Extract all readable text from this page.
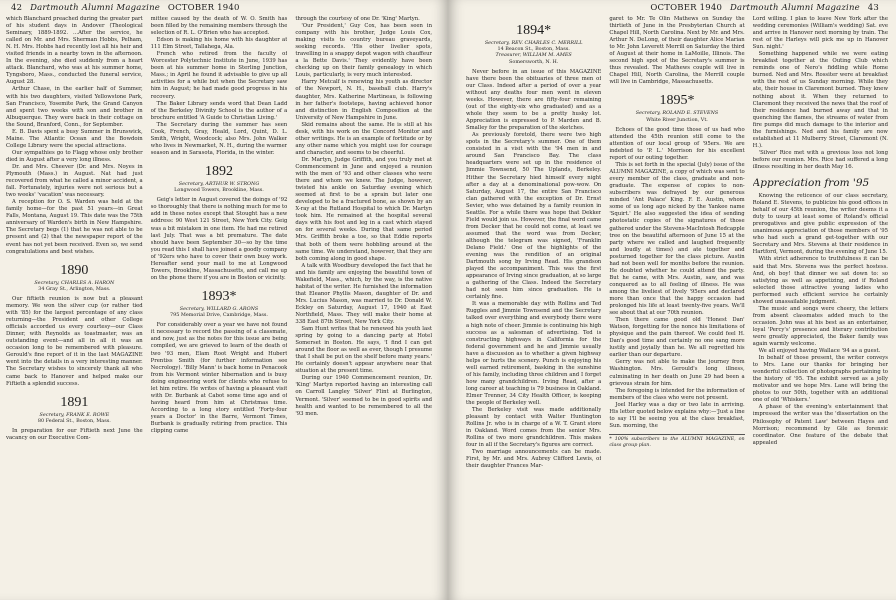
42 Dartmouth Alumni Magazine OCTOBER 1940

which Blanchard preached during the greater part of his student days in Andover (Theological Seminary, 1889-1892. ...After the service, he called on Mr. and Mrs. Sherman Hobbs, Pelham, N. H. Mrs. Hobbs had recently lost all his heir and visited friends in a nearby town in the afternoon. In the evening, she died suddenly from a heart attack. Blanchard, who was at his summer home, Tyngsboro, Mass., conducted the funeral service, August 28.

Arthur Chase, in the earlier half of Summer, with his two daughters, visited Yellowstone Park, San Francisco, Yosemite Park, the Grand Canyon and spent two weeks with son and brother in Albuquerque. They were back in their cottage on the Sound, Branford, Conn., for September.

E. B. Davis spent a busy Summer in Brunswick, Maine. The Atlantic Ocean and the Bowdoin College Library were the special attractions.

Our sympathies go to Flagg whose only brother died in August after a very long illness.

Dr. and Mrs. Cheever (Dr. and Mrs. Noyes in Plymouth (Mass.) in August. Nat had just recovered from what he called a minor accident, a fall. Fortunately, injuries were not serious but a two weeks' 'vacation' was necessary.

A reception for O. S. Warden was held at the family home—for the past 51 years—in Great Falls, Montana, August 19. This date was the 75th anniversary of Warden's birth in New Hampshire. The Secretary begs (1) that he was not able to be present and (2) that the newspaper report of the event has not yet been received. Even so, we send congratulations and best wishes.

1890
Secretary, CHARLES A. HARON
34 Gray St., Arlington, Mass.

Our fiftieth reunion is now but a pleasant memory. We won the silver cup (or rather tied with '85) for the largest percentage of any class returning—the President and other College officials accorded us every courtesy—our Class Dinner, with Reynolds as toastmaster, was an outstanding event—and all in all it was an occasion long to be remembered with pleasure. Gerould's fine report of it in the last MAGAZINE went into the details in a very interesting manner. The Secretary wishes to sincerely thank all who came back to Hanover and helped make our Fiftieth a splendid success.

1891
Secretary, FRANK E. ROWE
80 Federal St., Boston, Mass.

In preparation for our Fiftieth next June the vacancy on our Executive Com-

mittee caused by the death of W. O. Smith has been filled by the remaining members through the selection of R. L. O'Brien who has accepted.

Edson is making his home with his daughter at 111 Elm Street, Tallahega, Ala.

French who retired from the faculty of Worcester Polytechnic Institute in June, 1939 has been at his summer home in Sterling Junction, Mass.; in April he found it advisable to give up all activities for a while but when the Secretary saw him in August; he had made good progress in his recovery.

The Baker Library sends word that Dean Ladd of the Berkeley Divinity School is the author of a brochure entitled 'A Guide to Christian Living.'

The Secretary during the summer has seen Cook, French, Gray, Heald, Lord, Quint, D. L. Smith, Wright, Woodcock; also Mrs. John Walker who lives in Newmarket, N. H., during the warmer season and in Sarasota, Florida, in the winter.

1892
Secretary, ARTHUR W. STRONG
Longwood Towers, Brookline, Mass.

Geig's letter in August covered the doings of '92 so thoroughly that there is nothing much for me to add in these notes except that Stought has a new address: 90 West 121 Street, New York City. Geig was a bit mistaken in one item. He had me retired last July. That was a bit premature. The date should have been September 30—so by the time you read this I shall have joined a goodly company of '92ers who have to cover their own busy work. Hereafter send your mail to me at Longwood Towers, Brookline, Massachusetts, and call me up on the phone there if you are in Boston or vicinity.

1893*
Secretary, WILLARD G. ARONS
795 Memorial Drive, Cambridge, Mass.

For considerably over a year we have not found it necessary to record the passing of a classmate, and now, just as the notes for this issue are being compiled, we are grieved to learn of the death of two '93 men, Elam Root Wright and Hubert Prentiss Smith (for further information see Necrology). 'Billy Mann' is back home in Penacook from his Vermont winter hibernation and is busy doing engineering work for clients who refuse to let him retire. He writes of having a pleasant visit with Dr. Burbank at Cabot some time ago and of having heard from him at Christmas time. According to a long story entitled 'Forty-four years a Doctor' in the Barre, Vermont Times, Burbank is gradually retiring from practice. This clipping came

through the courtesy of one Dr. 'King' Martyn.

'Our President,' Guy Cox, has been seen in company with his brother, Judge Louis Cox, making visits to country bureau graveyards, seeking records. 'His other livelier spots, travelling in a snappy depot wagon with chauffeur a la Bette Davis.' They evidently have been checking up on their family genealogy in which Louis, particularly, is very much interested.

Harry Metcalf is renewing his youth as director of the Newport, N. H., baseball club. Harry's daughter, Mrs. Katherine Martineau, is following in her father's footsteps, having achieved honor and distinction in English Composition at the University of New Hampshire in June.

Skid remains about the same. He is still at his desk, with his work on the Concord Monitor and other writings. He is an example of fortitude or by any other name which you might use for courage and character, and seems to be cheerful.

Dr. Martyn, Judge Griffith, and you truly met at Commencement in June and enjoyed a reunion with the men of '93 and other classes who were there and whom we knew. The Judge, however, twisted his ankle on Saturday evening which seemed at first to be a sprain but later one developed to be a fractured bone, as shown by an X-ray at the Rutland Hospital to which Dr. Martyn took him. He remained at the hospital several days with his foot and leg in a cast which stayed on for several weeks. During that same period Mrs. Griffith broke a toe, so that Eddie reports that both of them were hobbling around at the same time. We understand, however, that they are both coming along in good shape.

A talk with Woodbury developed the fact that he and his family are enjoying the beautiful town of Wakefield, Mass., which, by the way, is the native habitat of the writer. He furnished the information that Eleanor Phyllis Mason, daughter of Dr. and Mrs. Lucius Mason, was married to Dr. Donald W. Eckley on Saturday, August 17, 1940 at East Northfield, Mass. They will make their home at 338 East 87th Street, New York City.

Sam Hunt writes that he renewed his youth last spring by going to a dancing party at Hotel Somerset in Boston. He says, 'I find I can get around the floor as well as ever, though I presume that I shall be put on the shelf before many years.' He certainly doesn't appear anywhere near that situation at the present time.

During our 1940 Commencement reunion, Dr. 'King' Martyn reported having an interesting call on Carroll Langley 'Silver' Flint at Burlington, Vermont. 'Silver' seemed to be in good spirits and health and wanted to be remembered to all the '93 men.

OCTOBER 1940 Dartmouth Alumni Magazine 43
1894*
Secretary, REV. CHARLES C. MERRILL
14 Beacon St., Boston, Mass.
Treasurer, WILLIAM M. AMES
Somersworth, N. H.

Never before in an issue of this MAGAZINE have there been the obituaries of three men of our Class. Indeed after a period of over a year without any deaths four men went in eleven weeks. However, there are fifty-four remaining (out of the eighty-six who graduated) and as a whole they seem to be a pretty husky lot. Appreciation is expressed to P. Marden and B. Smalley for the preparation of the sketches.

As previously foretold, there were two high spots in the Secretary's summer. One of them consisted in a visit with the '94 men in and around San Francisco Bay. The class headquarters were set up in the residence of Jimmie Townsend, 50 The Uplands, Berkeley. Hither the Secretary hied himself every night after a day at a denominational pow-wow. On Saturday, August 17, the entire San Francisco clan gathered with the exception of Dr. Ernst Sevier, who was detained by a family reunion in Seattle. For a while there was hope that Dekker Field would join us. However, the final word came from Decker that he could not come, at least we assumed that the word was from Decker, although the telegram was signed, 'Franklin Delano Field.' One of the highlights of the evening was the rendition of an original Dartmouth song by Irving Read. His grandson played the accompaniment. This was the first appearance of Irving since graduation, at so large a gathering of the Class. Indeed the Secretary had not seen him since graduation. He is certainly fine.

It was a memorable day with Rollins and Ted Ruggles and Jimmie Townsend and the Secretary talked over everything and everybody there were a high note of cheer. Jimmie is continuing his high success as a salesman of advertising. Ted is constructing highways in California for the federal government and he and Jimmie usually have a discussion as to whether a given highway helps or hurts the scenery. Punch is enjoying his well earned retirement, basking in the sunshine of his family, including three children and I forget how many grandchildren. Irving Read, after a long career at teaching is 79 business in Oakland. Elmer Trenner, 34 City Health Officer, is keeping the people of Berkeley well.

The Berkeley visit was made additionally pleasant by contact with Walter Huntington Rollins Jr. who is in charge of a W. T. Grant store in Oakland. Word comes from the senior Mrs. Rollins of two more grandchildren. This makes four in all if the Secretary's figures are correct.

Two marriage announcements can be made. First, by Mr. and Mrs. Aubrey Clifford Lewis, of their daughter Frances Mar-

garet to Mr. Te Olin Mathews on Sunday the thirtieth of June in the Presbyterian Church at Chapel Hill, North Carolina. Next by Mr. and Mrs. Arthur N. DeLong, of their daughter Alice Marian to Mr. John Leverett Merrill on Saturday the third of August at their home in LaMoille, Illinois. The second high spot of the Secretary's summer is thus revealed. The Mathews couple will live in Chapel Hill, North Carolina, the Merrill couple will live in Cambridge, Massachusetts.

1895*
Secretary, ROLAND E. STEVENS
White River Junction, Vt.

Echoes of the good time those of us had who attended the 45th reunion still come to the attention of our local group of '95ers. We are indebted to 'P. L.' Morrison for his excellent report of our outing together.

This is set forth in the special (July) issue of the ALUMNI MAGAZINE, a copy of which was sent to every member of the class, graduate and non-graduate. The expense of copies to non-subscribers was defrayed by our generous minded 'Ant Palace' King. F. E. Austin, whom some of us long ago nicked by the Yankee name 'Squirt.' He also suggested the idea of sending photostatic copies of the signatures of those gathered under the Stevens-MacIntosh Redcapple tree on the beautiful afternoon of June 15 at the party where we called and laughed frequently and loudly at times) and ate together and posturned together for the class picture. Austin had not been well for months before the reunion. He doubted whether he could attend the party. But he came, with Mrs. Austin, saw, and was conquered as to all feeling of illness. He was among the liveliest of lively '95ers and declared more than once that the happy occasion had prolonged his life at least twenty-five years. We'll see about that at our 70th reunion.

Then there came good old 'Honest Dan' Watson, forgetting for the nonce his limitations of physique and the pain thereof. We could feel H. Dan's good time and certainly no one sang more lustily and joyially than he. We all regretted his earlier than our departure.

Gerry was not able to make the journey from Washington. Mrs. Gerould's long illness, culminating in her death on June 29 had been a grievous strain for him.

The foregoing is intended for the information of members of the class who were not present.

Joel Harley was a day or two late in arriving. His letter quoted below explains why:—'Just a line to say I'll be seeing you at the class breakfast, Sun. morning, the

* 100% subscribers to the ALUMNI MAGAZINE, on class group plan.

Lord willing. I plan to leave New York after the wedding ceremonies (William's wedding) Sat. eve and arrive in Hanover next morning by train. The rest of the Harleys will pick me up in Hanover Sun. night.'

Something happened while we were eating breakfast together at the Outing Club which reminds one of Nero's fiddling while Rome burned. Ned and Mrs. Rossiter were at breakfast with the rest of us Sunday morning. While they ate, their house in Claremont burned. They knew nothing about it. When they returned to Claremont they received the news that the roof of their residence had burned away and that in quenching the flames, the streams of water from fire pumps did much damage to the interior and the furnishings. Ned and his family are now established at 11 Mulberry Street, Claremont (N. H.).

'Silver' Rice met with a grevious loss not long before our reunion. Mrs. Rice had suffered a long illness resulting in her death May 16.

Appreciation from '95

Knowing the reticence of our class secretary, Roland E. Stevens, to publicize his good offices in behalf of our 45th reunion, the writer deems it a duty to usurp at least some of Roland's official prerogatives and give public expression of the unanimous appreciation of those members of '95 who had such a grand get-together with our Secretary and Mrs. Stevens at their residence in Hartford, Vermont, during the evening of June 15.

With strict adherence to truthfulness it can be said that Mrs. Stevens was the perfect hostess. And, oh boy! that dinner we sat down to: so satisfying as well as appetizing, and if Roland selected those attractive young ladies who performed such efficient service he certainly showed unassailable judgment.

The music and songs were cheery, the letters from absent classmates added much to the occasion. John was at his best as an entertainer, loyal 'Percy's' presence and literary contribution were greatly appreciated, the Baker family was again warmly welcome.

We all enjoyed having Wallace '94 as a guest.

In behalf of those present, the writer conveys to Mrs. Lane our thanks for bringing her wonderful collection of photographs pertaining to the history of '95. The exhibit served as a jolly motivator and we hope Mrs. Lane will bring the photos to our 50th, together with an additional one of old 'Whiskers.'

A phase of the evening's entertainment that impressed the writer was the 'dissertation on the Philosophy of Patent Law' between Hayes and Morrison; recommend by Gile as forensic coordinator. One feature of the debate that appealed
